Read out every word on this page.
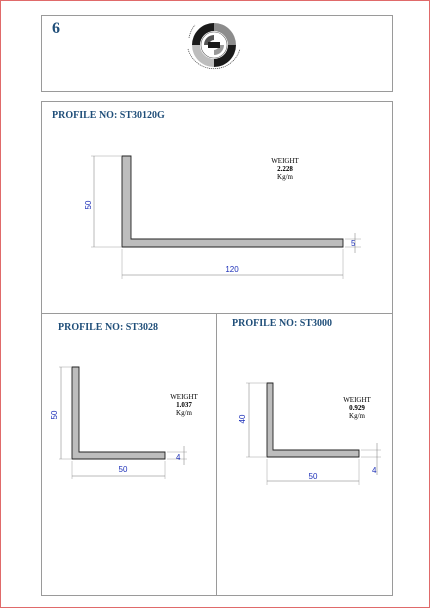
6
PROFILE NO: ST30120G
WEIGHT
2.228
Kg/m
50
120
5
PROFILE NO: ST3028
WEIGHT
1.037
Kg/m
50
50
4
PROFILE NO: ST3000
WEIGHT
0.929
Kg/m
40
50
4
